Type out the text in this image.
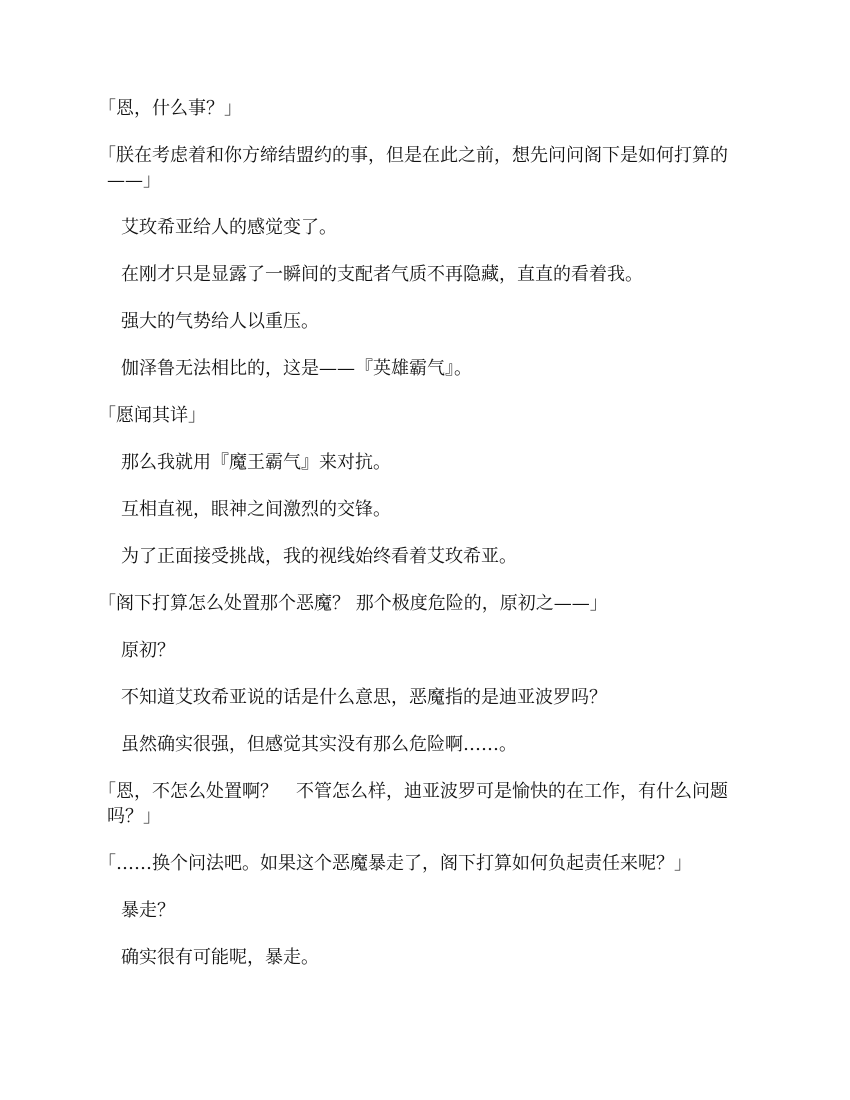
「恩，什么事？」

「朕在考虑着和你方缔结盟约的事，但是在此之前，想先问问阁下是如何打算的——」

艾玫希亚给人的感觉变了。

在刚才只是显露了一瞬间的支配者气质不再隐藏，直直的看着我。

强大的气势给人以重压。

伽泽鲁无法相比的，这是——『英雄霸气』。

「愿闻其详」

那么我就用『魔王霸气』来对抗。

互相直视，眼神之间激烈的交锋。

为了正面接受挑战，我的视线始终看着艾玫希亚。

「阁下打算怎么处置那个恶魔？ 那个极度危险的，原初之——」

原初？

不知道艾玫希亚说的话是什么意思，恶魔指的是迪亚波罗吗？

虽然确实很强，但感觉其实没有那么危险啊……。

「恩，不怎么处置啊？　不管怎么样，迪亚波罗可是愉快的在工作，有什么问题吗？」

「……换个问法吧。如果这个恶魔暴走了，阁下打算如何负起责任来呢？」

暴走？

确实很有可能呢，暴走。
